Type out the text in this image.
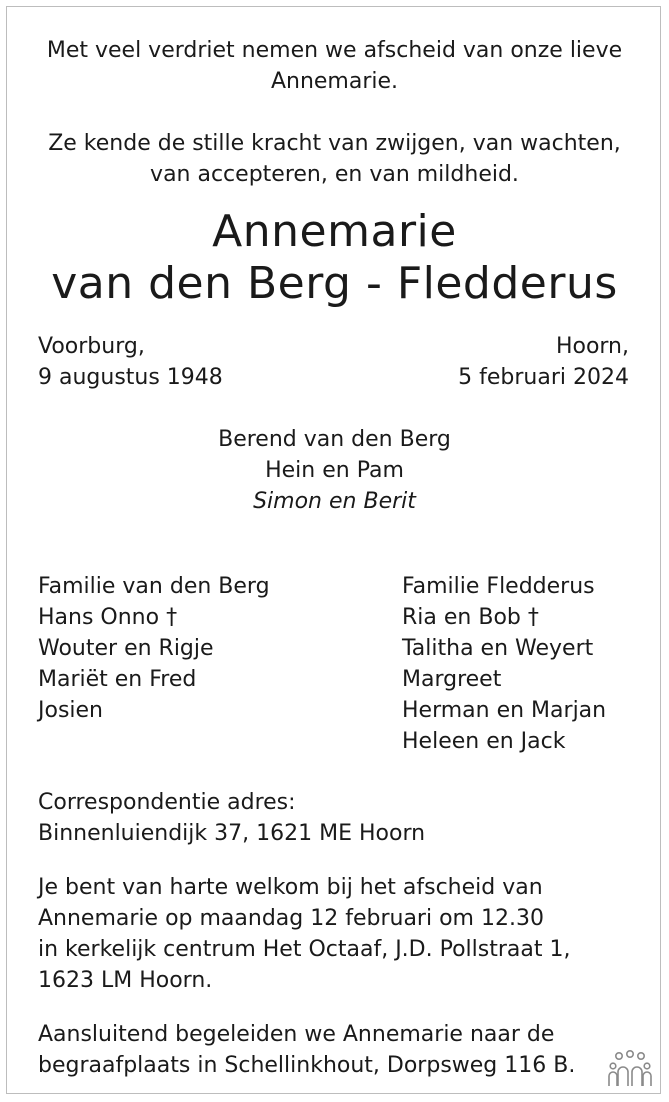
Met veel verdriet nemen we afscheid van onze lieve
Annemarie.

Ze kende de stille kracht van zwijgen, van wachten,
van accepteren, en van mildheid.

Annemarie
van den Berg - Fledderus
Voorburg,
9 augustus 1948
Hoorn,
5 februari 2024
Berend van den Berg
Hein en Pam
Simon en Berit
Familie van den Berg
Hans Onno †
Wouter en Rigje
Mariët en Fred
Josien
Familie Fledderus
Ria en Bob †
Talitha en Weyert
Margreet
Herman en Marjan
Heleen en Jack
Correspondentie adres:
Binnenluiendijk 37, 1621 ME Hoorn
Je bent van harte welkom bij het afscheid van
Annemarie op maandag 12 februari om 12.30
in kerkelijk centrum Het Octaaf, J.D. Pollstraat 1,
1623 LM Hoorn.
Aansluitend begeleiden we Annemarie naar de
begraafplaats in Schellinkhout, Dorpsweg 116 B.
